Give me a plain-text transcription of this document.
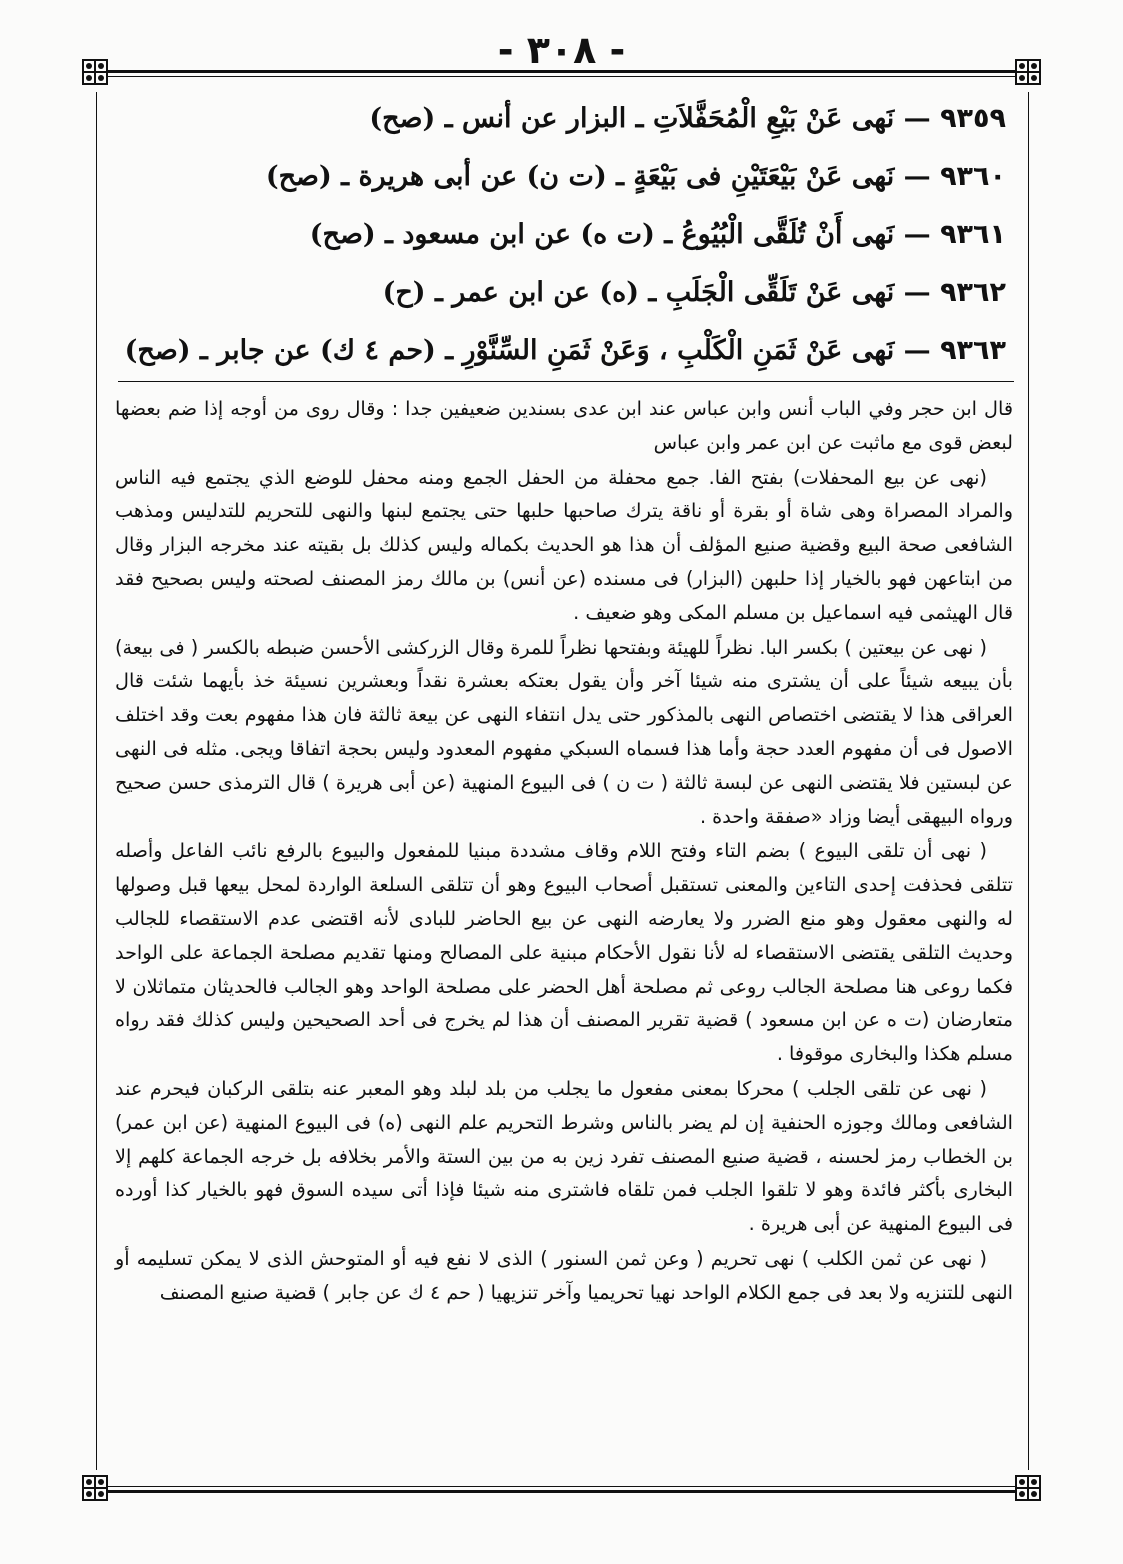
- ٣٠٨ -
٩٣٥٩ — نَهى عَنْ بَيْعِ الْمُحَفَّلاَتِ ـ البزار عن أنس ـ (صح)
٩٣٦٠ — نَهى عَنْ بَيْعَتَيْنِ فى بَيْعَةٍ ـ (ت ن) عن أبى هريرة ـ (صح)
٩٣٦١ — نَهى أَنْ تُلَقَّى الْبُيُوعُ ـ (ت ه) عن ابن مسعود ـ (صح)
٩٣٦٢ — نَهى عَنْ تَلَقِّى الْجَلَبِ ـ (ه) عن ابن عمر ـ (ح)
٩٣٦٣ — نَهى عَنْ ثَمَنِ الْكَلْبِ ، وَعَنْ ثَمَنِ السِّنَّوْرِ ـ (حم ٤ ك) عن جابر ـ (صح)

قال ابن حجر وفي الباب أنس وابن عباس عند ابن عدى بسندين ضعيفين جدا : وقال روى من أوجه إذا ضم بعضها لبعض قوى مع ماثبت عن ابن عمر وابن عباس

(نهى عن بيع المحفلات) بفتح الفا. جمع محفلة من الحفل الجمع ومنه محفل للوضع الذي يجتمع فيه الناس والمراد المصراة وهى شاة أو بقرة أو ناقة يترك صاحبها حلبها حتى يجتمع لبنها والنهى للتحريم للتدليس ومذهب الشافعى صحة البيع وقضية صنيع المؤلف أن هذا هو الحديث بكماله وليس كذلك بل بقيته عند مخرجه البزار وقال من ابتاعهن فهو بالخيار إذا حلبهن (البزار) فى مسنده (عن أنس) بن مالك رمز المصنف لصحته وليس بصحيح فقد قال الهيثمى فيه اسماعيل بن مسلم المكى وهو ضعيف .

( نهى عن بيعتين ) بكسر البا. نظراً للهيئة وبفتحها نظراً للمرة وقال الزركشى الأحسن ضبطه بالكسر ( فى بيعة) بأن يبيعه شيئاً على أن يشترى منه شيئا آخر وأن يقول بعتكه بعشرة نقداً وبعشرين نسيئة خذ بأيهما شئت قال العراقى هذا لا يقتضى اختصاص النهى بالمذكور حتى يدل انتفاء النهى عن بيعة ثالثة فان هذا مفهوم بعت وقد اختلف الاصول فى أن مفهوم العدد حجة وأما هذا فسماه السبكي مفهوم المعدود وليس بحجة اتفاقا ويجى. مثله فى النهى عن لبستين فلا يقتضى النهى عن لبسة ثالثة ( ت ن ) فى البيوع المنهية (عن أبى هريرة ) قال الترمذى حسن صحيح ورواه البيهقى أيضا وزاد «صفقة واحدة .

( نهى أن تلقى البيوع ) بضم التاء وفتح اللام وقاف مشددة مبنيا للمفعول والبيوع بالرفع نائب الفاعل وأصله تتلقى فحذفت إحدى التاءين والمعنى تستقبل أصحاب البيوع وهو أن تتلقى السلعة الواردة لمحل بيعها قبل وصولها له والنهى معقول وهو منع الضرر ولا يعارضه النهى عن بيع الحاضر للبادى لأنه اقتضى عدم الاستقصاء للجالب وحديث التلقى يقتضى الاستقصاء له لأنا نقول الأحكام مبنية على المصالح ومنها تقديم مصلحة الجماعة على الواحد فكما روعى هنا مصلحة الجالب روعى ثم مصلحة أهل الحضر على مصلحة الواحد وهو الجالب فالحديثان متماثلان لا متعارضان (ت ه عن ابن مسعود ) قضية تقرير المصنف أن هذا لم يخرج فى أحد الصحيحين وليس كذلك فقد رواه مسلم هكذا والبخارى موقوفا .

( نهى عن تلقى الجلب ) محركا بمعنى مفعول ما يجلب من بلد لبلد وهو المعبر عنه بتلقى الركبان فيحرم عند الشافعى ومالك وجوزه الحنفية إن لم يضر بالناس وشرط التحريم علم النهى (ه) فى البيوع المنهية (عن ابن عمر) بن الخطاب رمز لحسنه ، قضية صنيع المصنف تفرد زين به من بين الستة والأمر بخلافه بل خرجه الجماعة كلهم إلا البخارى بأكثر فائدة وهو لا تلقوا الجلب فمن تلقاه فاشترى منه شيئا فإذا أتى سيده السوق فهو بالخيار كذا أورده فى البيوع المنهية عن أبى هريرة .

( نهى عن ثمن الكلب ) نهى تحريم ( وعن ثمن السنور ) الذى لا نفع فيه أو المتوحش الذى لا يمكن تسليمه أو النهى للتنزيه ولا بعد فى جمع الكلام الواحد نهيا تحريميا وآخر تنزيهيا ( حم ٤ ك عن جابر ) قضية صنيع المصنف
